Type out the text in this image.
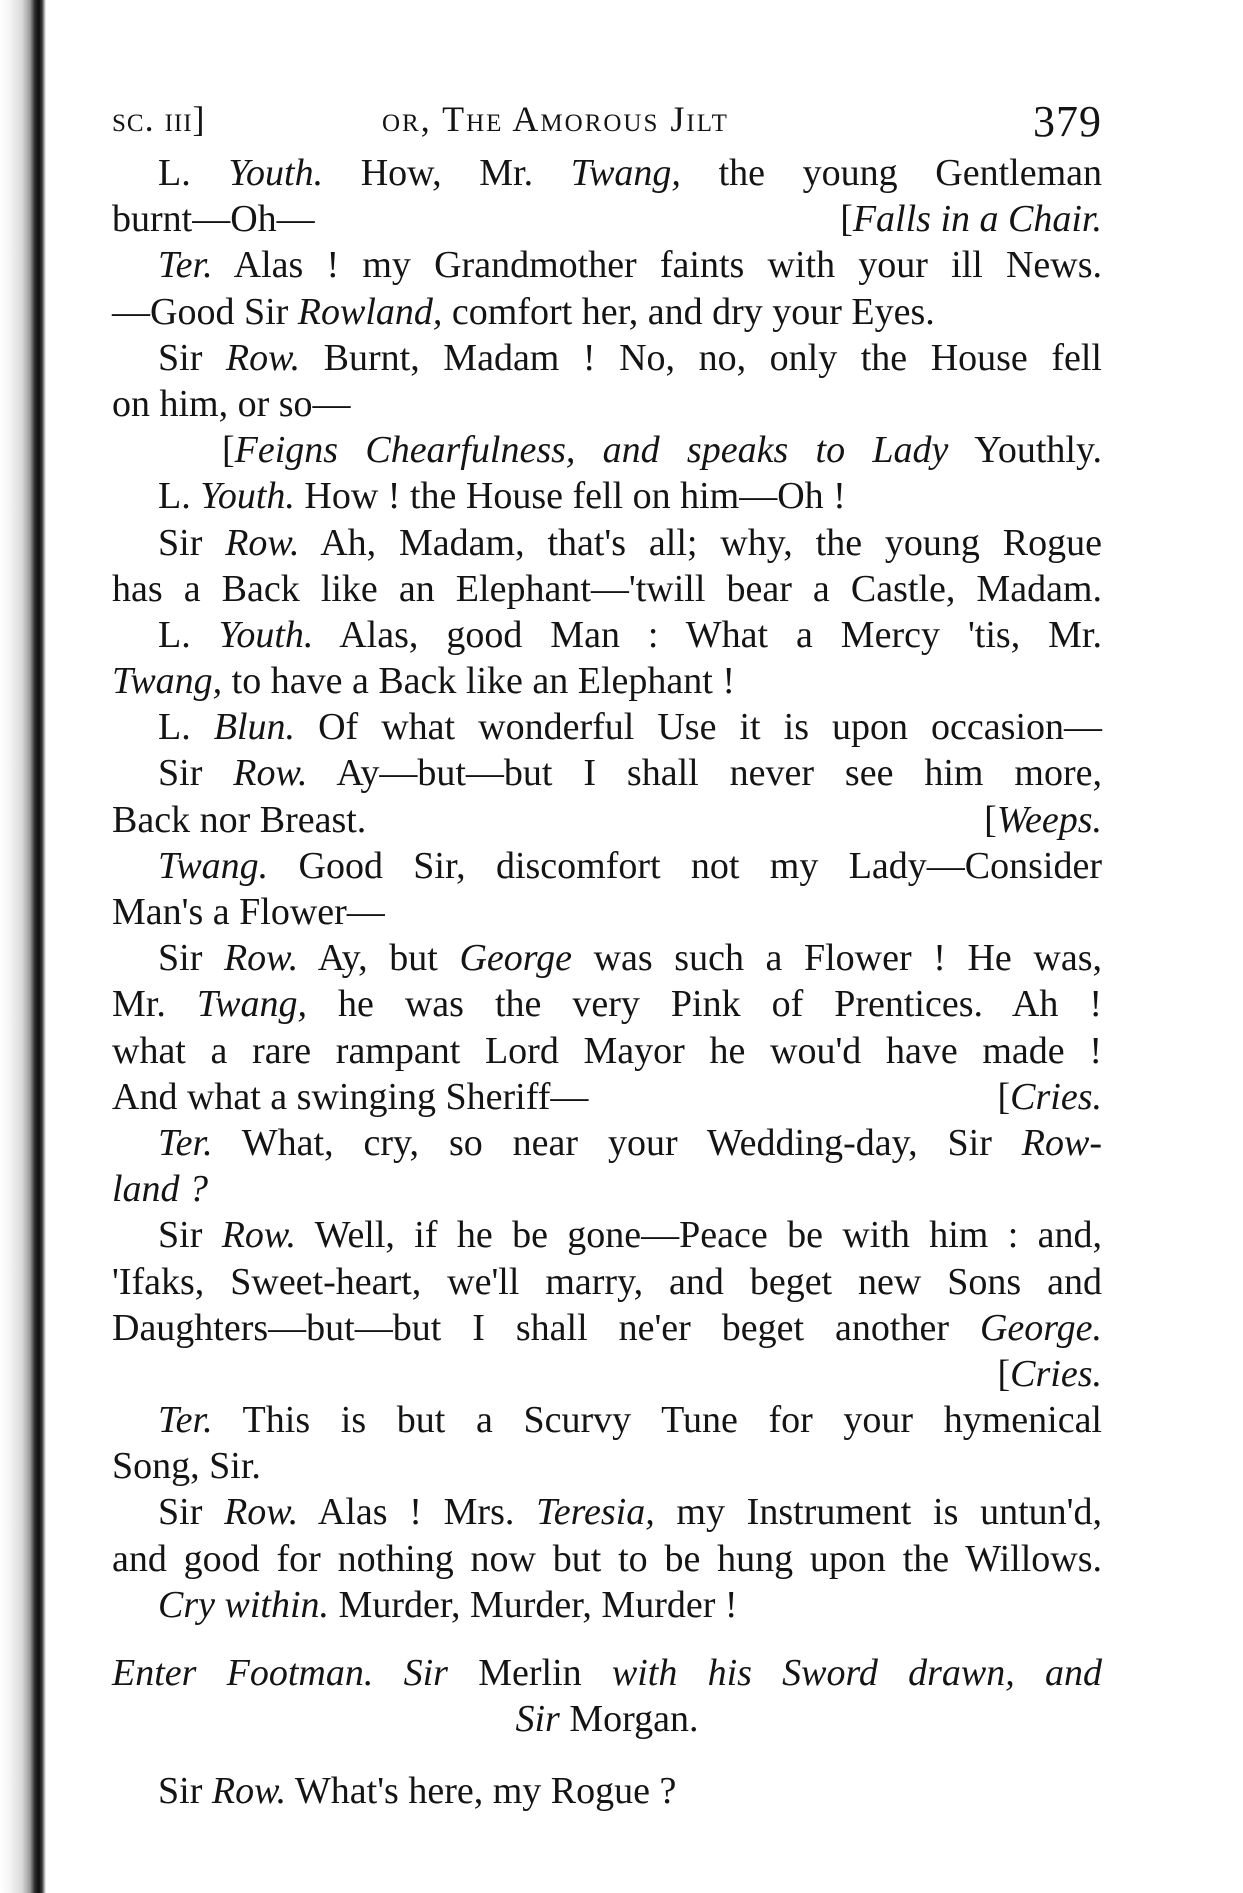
sc. iii]	or, The Amorous Jilt	379
L. Youth. How, Mr. Twang, the young Gentleman
burnt—Oh—	[Falls in a Chair.
Ter. Alas ! my Grandmother faints with your ill News.
—Good Sir Rowland, comfort her, and dry your Eyes.
Sir Row. Burnt, Madam ! No, no, only the House fell
on him, or so—
[Feigns Chearfulness, and speaks to Lady Youthly.
L. Youth. How ! the House fell on him—Oh !
Sir Row. Ah, Madam, that's all; why, the young Rogue
has a Back like an Elephant—'twill bear a Castle, Madam.
L. Youth. Alas, good Man : What a Mercy 'tis, Mr.
Twang, to have a Back like an Elephant !
L. Blun. Of what wonderful Use it is upon occasion—
Sir Row. Ay—but—but I shall never see him more,
Back nor Breast.	[Weeps.
Twang. Good Sir, discomfort not my Lady—Consider
Man's a Flower—
Sir Row. Ay, but George was such a Flower ! He was,
Mr. Twang, he was the very Pink of Prentices. Ah !
what a rare rampant Lord Mayor he wou'd have made !
And what a swinging Sheriff—	[Cries.
Ter. What, cry, so near your Wedding-day, Sir Row-
land ?
Sir Row. Well, if he be gone—Peace be with him : and,
'Ifaks, Sweet-heart, we'll marry, and beget new Sons and
Daughters—but—but I shall ne'er beget another George.
[Cries.
Ter. This is but a Scurvy Tune for your hymenical
Song, Sir.
Sir Row. Alas ! Mrs. Teresia, my Instrument is untun'd,
and good for nothing now but to be hung upon the Willows.
Cry within. Murder, Murder, Murder !
Enter Footman. Sir Merlin with his Sword drawn, and
Sir Morgan.
Sir Row. What's here, my Rogue ?
